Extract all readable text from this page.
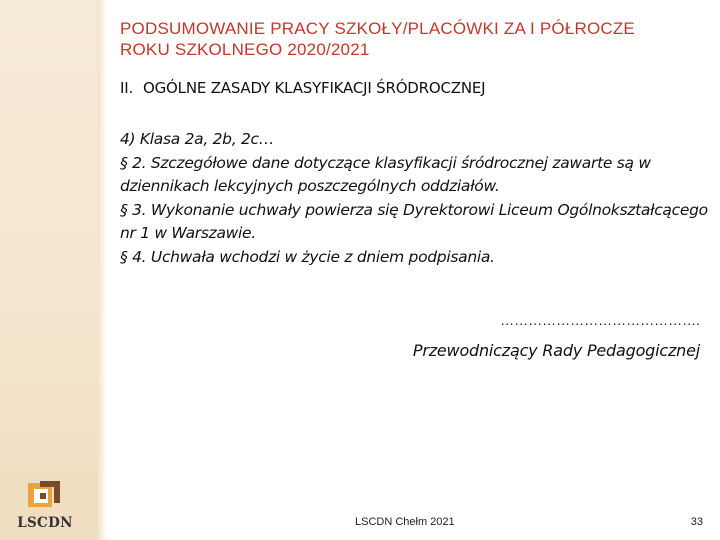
PODSUMOWANIE PRACY SZKOŁY/PLACÓWKI ZA I PÓŁROCZE ROKU SZKOLNEGO 2020/2021
II. OGÓLNE ZASADY KLASYFIKACJI ŚRÓDROCZNEJ

4) Klasa 2a, 2b, 2c…

§ 2. Szczegółowe dane dotyczące klasyfikacji śródrocznej zawarte są w dziennikach lekcyjnych poszczególnych oddziałów.

§ 3. Wykonanie uchwały powierza się Dyrektorowi Liceum Ogólnokształcącego nr 1 w Warszawie.

§ 4. Uchwała wchodzi w życie z dniem podpisania.

…………………………………….
Przewodniczący Rady Pedagogicznej
LSCDN	LSCDN Chełm 2021	33
